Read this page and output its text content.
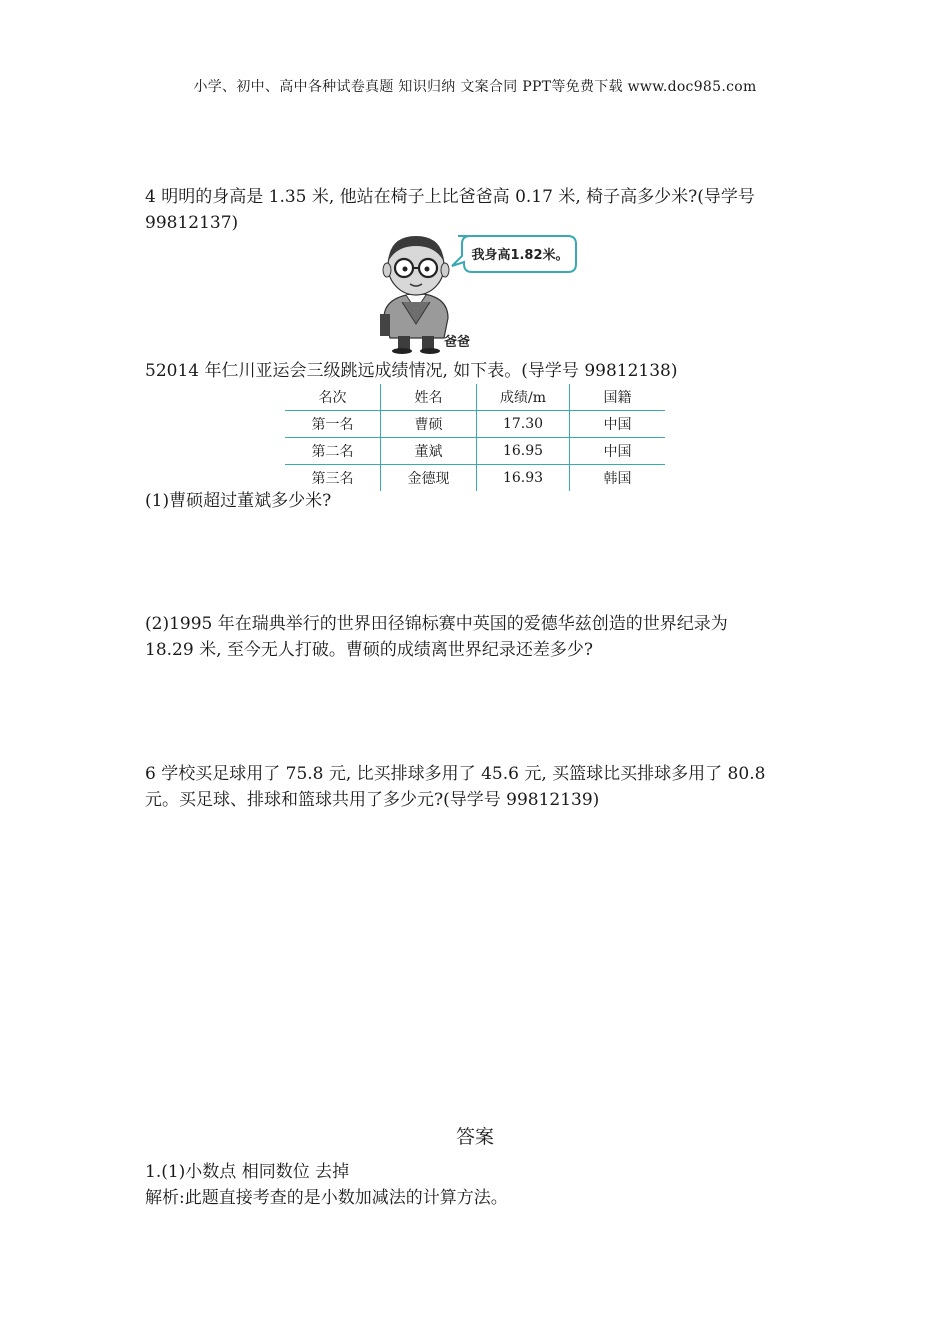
小学、初中、高中各种试卷真题 知识归纳 文案合同 PPT等免费下载 www.doc985.com
4 明明的身高是 1.35 米, 他站在椅子上比爸爸高 0.17 米, 椅子高多少米?(导学号
99812137)
我身高1.82米。
爸爸
52014 年仁川亚运会三级跳远成绩情况, 如下表。(导学号 99812138)
名次	姓名	成绩/m	国籍
第一名	曹硕	17.30	中国
第二名	董斌	16.95	中国
第三名	金德现	16.93	韩国
(1)曹硕超过董斌多少米?
(2)1995 年在瑞典举行的世界田径锦标赛中英国的爱德华兹创造的世界纪录为
18.29 米, 至今无人打破。曹硕的成绩离世界纪录还差多少?
6 学校买足球用了 75.8 元, 比买排球多用了 45.6 元, 买篮球比买排球多用了 80.8
元。买足球、排球和篮球共用了多少元?(导学号 99812139)
答案
1.(1)小数点 相同数位 去掉
解析:此题直接考查的是小数加减法的计算方法。
